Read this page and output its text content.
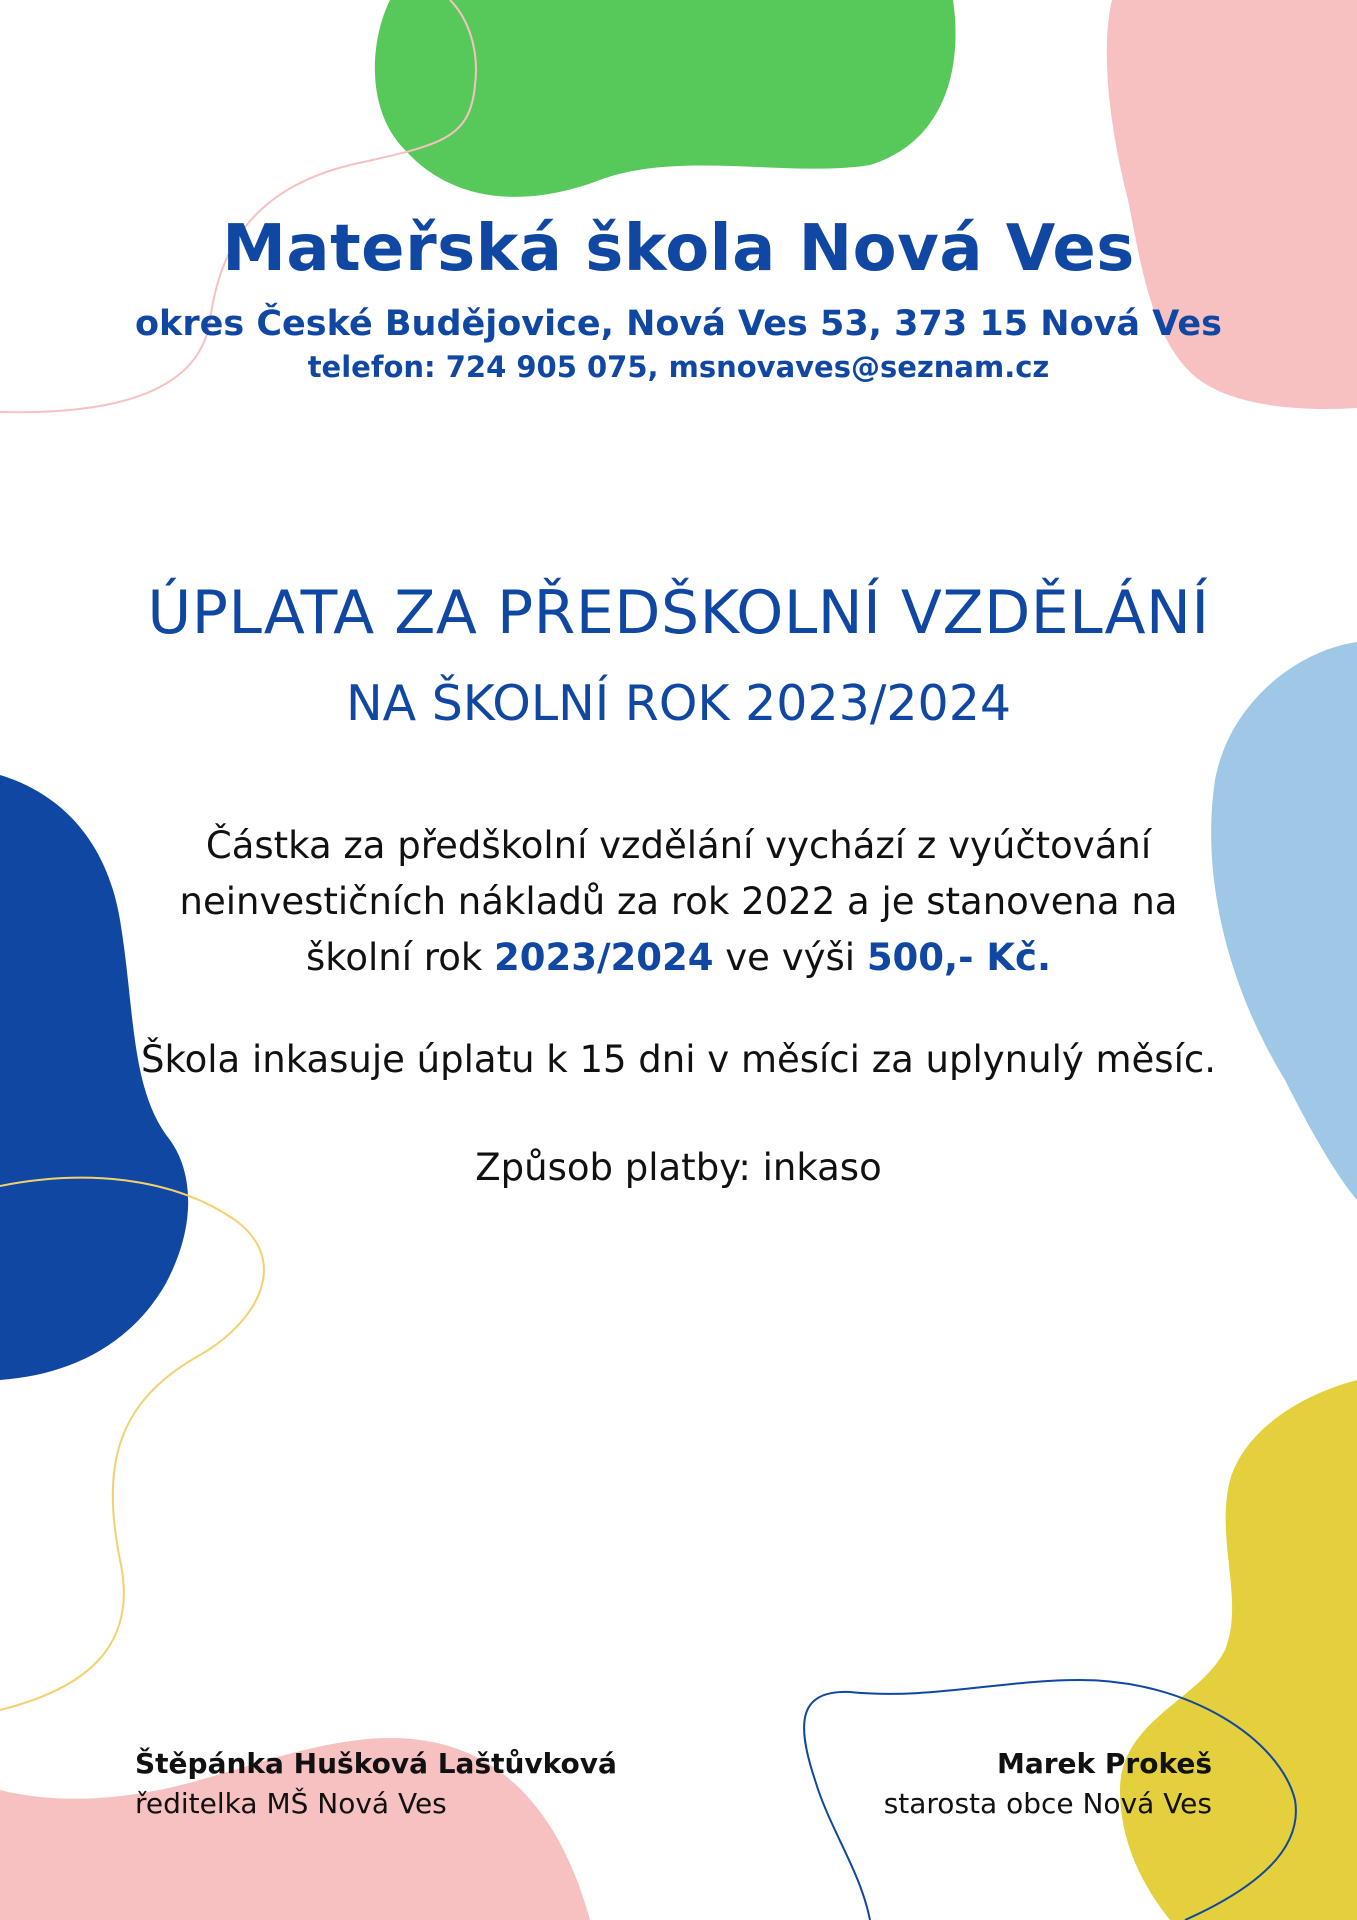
Mateřská škola Nová Ves
okres České Budějovice, Nová Ves 53, 373 15 Nová Ves
telefon: 724 905 075, msnovaves@seznam.cz
ÚPLATA ZA PŘEDŠKOLNÍ VZDĚLÁNÍ
NA ŠKOLNÍ ROK 2023/2024
Částka za předškolní vzdělání vychází z vyúčtování neinvestičních nákladů za rok 2022 a je stanovena na školní rok 2023/2024 ve výši 500,- Kč.
Škola inkasuje úplatu k 15 dni v měsíci za uplynulý měsíc.
Způsob platby: inkaso
Štěpánka Hušková Laštůvková
ředitelka MŠ Nová Ves
Marek Prokeš
starosta obce Nová Ves
